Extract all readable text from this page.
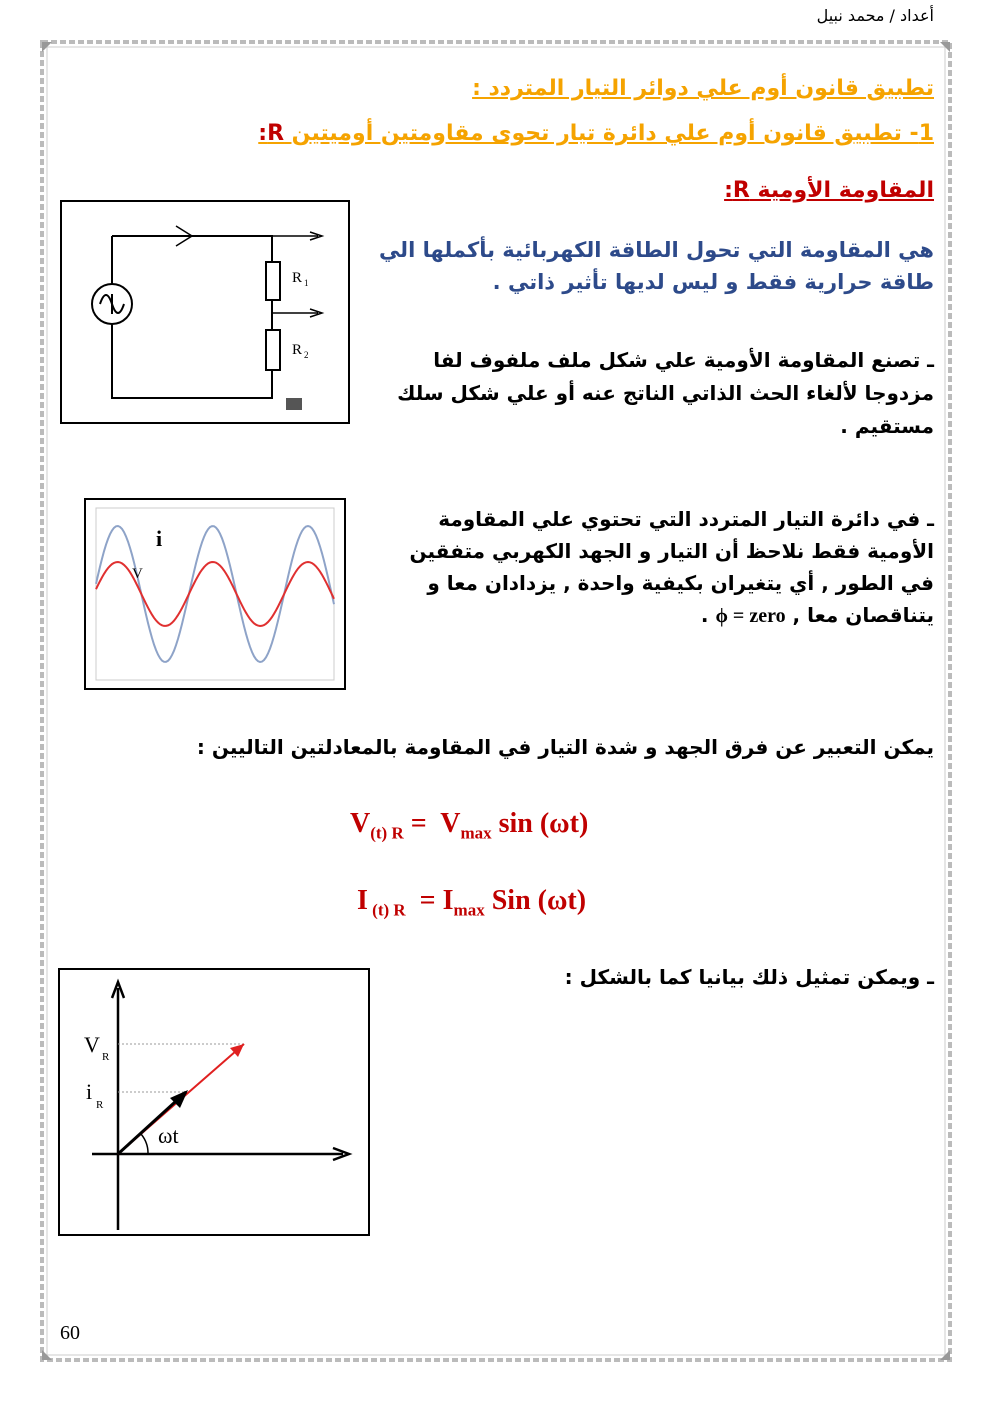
أعداد / محمد نبيل
تطبيق قانون أوم علي دوائر التيار المتردد :
1- تطبيق قانون أوم علي دائرة تيار تحوى مقاومتين أوميتين R:
المقاومة الأومية R:
هي المقاومة التي تحول الطاقة الكهربائية بأكملها الي طاقة حرارية فقط و ليس لديها تأثير ذاتي .
ـ تصنع المقاومة الأومية علي شكل ملف ملفوف لفا مزدوجا لألغاء الحث الذاتي الناتج عنه أو علي شكل سلك مستقيم .
ـ في دائرة التيار المتردد التي تحتوي علي المقاومة الأومية فقط نلاحظ أن التيار و الجهد الكهربي متفقين في الطور , أي يتغيران بكيفية واحدة , يزدادان معا و يتناقصان معا , ϕ = zero .
يمكن التعبير عن فرق الجهد و شدة التيار في المقاومة بالمعادلتين التاليين :
$V_{(t) R} = V_{max}$ sin (ωt)
I $_{(t) R} = I_{max}$ Sin (ωt)
ـ ويمكن تمثيل ذلك بيانيا كما بالشكل :
R 1
R 2
i
V
ωt
V R
i
R
60
